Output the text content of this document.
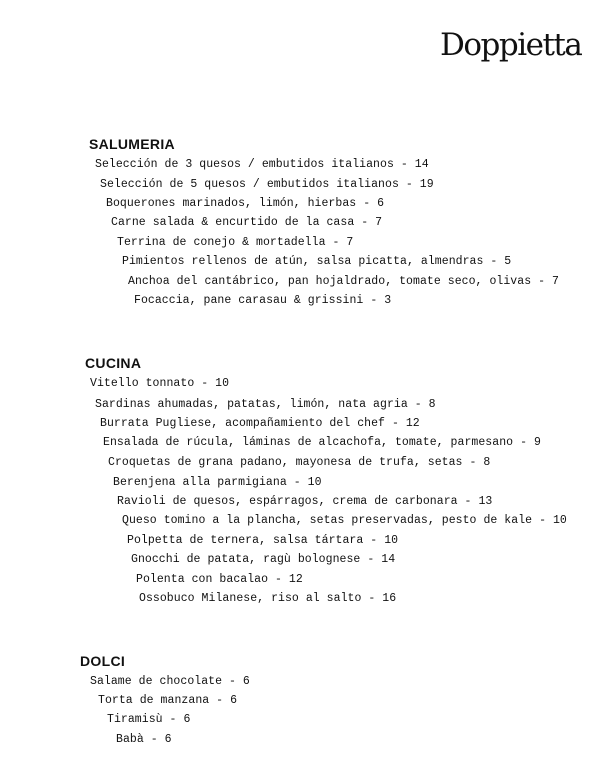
Doppietta
SALUMERIA

Selección de 3 quesos / embutidos italianos - 14

Selección de 5 quesos / embutidos italianos - 19

Boquerones marinados, limón, hierbas - 6

Carne salada & encurtido de la casa - 7

Terrina de conejo & mortadella - 7

Pimientos rellenos de atún, salsa picatta, almendras - 5

Anchoa del cantábrico, pan hojaldrado, tomate seco, olivas - 7

Focaccia, pane carasau & grissini - 3

CUCINA

Vitello tonnato - 10

Sardinas ahumadas, patatas, limón, nata agria - 8

Burrata Pugliese, acompañamiento del chef - 12

Ensalada de rúcula, láminas de alcachofa, tomate, parmesano - 9

Croquetas de grana padano, mayonesa de trufa, setas - 8

Berenjena alla parmigiana - 10

Ravioli de quesos, espárragos, crema de carbonara - 13

Queso tomino a la plancha, setas preservadas, pesto de kale - 10

Polpetta de ternera, salsa tártara - 10

Gnocchi de patata, ragù bolognese - 14

Polenta con bacalao - 12

Ossobuco Milanese, riso al salto - 16

DOLCI

Salame de chocolate - 6

Torta de manzana - 6

Tiramisù - 6

Babà - 6
